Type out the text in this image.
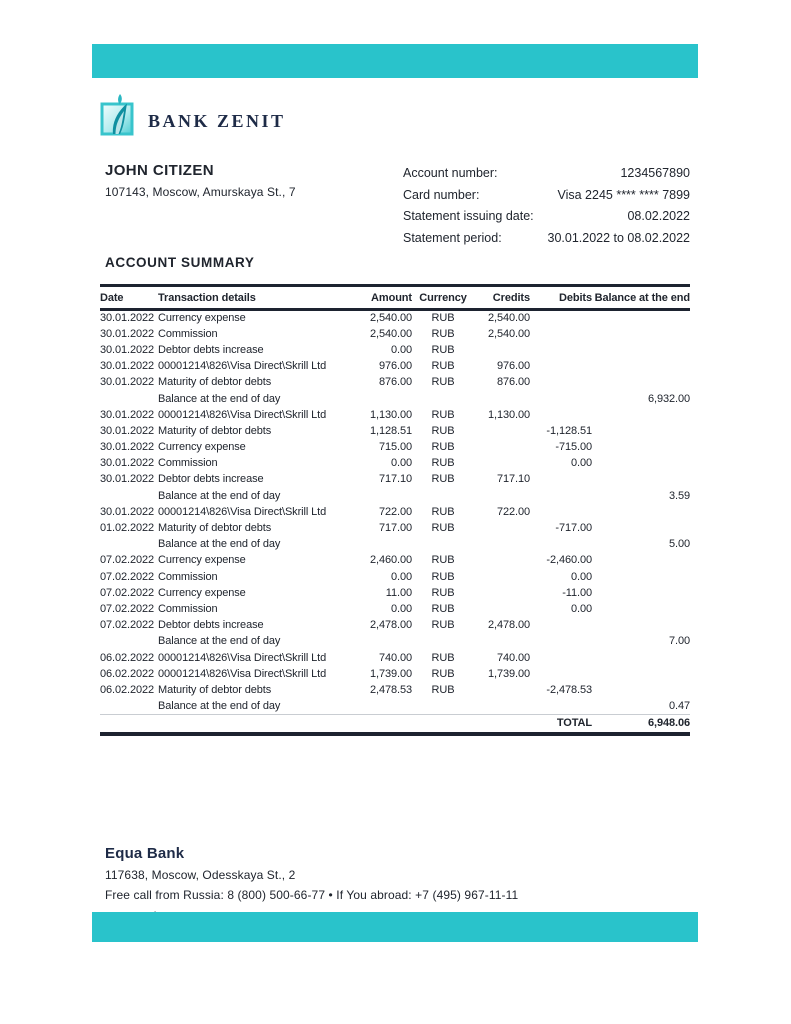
BANK ZENIT
JOHN CITIZEN
107143, Moscow, Amurskaya St., 7
Account number:	1234567890
Card number:	Visa 2245 **** **** 7899
Statement issuing date:	08.02.2022
Statement period:	30.01.2022 to 08.02.2022
ACCOUNT SUMMARY
Date	Transaction details	Amount	Currency	Credits	Debits	Balance at the end
30.01.2022	Currency expense	2,540.00	RUB	2,540.00		
30.01.2022	Commission	2,540.00	RUB	2,540.00		
30.01.2022	Debtor debts increase	0.00	RUB			
30.01.2022	00001214\826\Visa Direct\Skrill Ltd	976.00	RUB	976.00		
30.01.2022	Maturity of debtor debts	876.00	RUB	876.00		
	Balance at the end of day					6,932.00
30.01.2022	00001214\826\Visa Direct\Skrill Ltd	1,130.00	RUB	1,130.00		
30.01.2022	Maturity of debtor debts	1,128.51	RUB		-1,128.51	
30.01.2022	Currency expense	715.00	RUB		-715.00	
30.01.2022	Commission	0.00	RUB		0.00	
30.01.2022	Debtor debts increase	717.10	RUB	717.10		
	Balance at the end of day					3.59
30.01.2022	00001214\826\Visa Direct\Skrill Ltd	722.00	RUB	722.00		
01.02.2022	Maturity of debtor debts	717.00	RUB		-717.00	
	Balance at the end of day					5.00
07.02.2022	Currency expense	2,460.00	RUB		-2,460.00	
07.02.2022	Commission	0.00	RUB		0.00	
07.02.2022	Currency expense	11.00	RUB		-11.00	
07.02.2022	Commission	0.00	RUB		0.00	
07.02.2022	Debtor debts increase	2,478.00	RUB	2,478.00		
	Balance at the end of day					7.00
06.02.2022	00001214\826\Visa Direct\Skrill Ltd	740.00	RUB	740.00		
06.02.2022	00001214\826\Visa Direct\Skrill Ltd	1,739.00	RUB	1,739.00		
06.02.2022	Maturity of debtor debts	2,478.53	RUB		-2,478.53	
	Balance at the end of day					0.47
					TOTAL	6,948.06
Equa Bank
117638, Moscow, Odesskaya St., 2
Free call from Russia: 8 (800) 500-66-77 • If You abroad: +7 (495) 967-11-11
